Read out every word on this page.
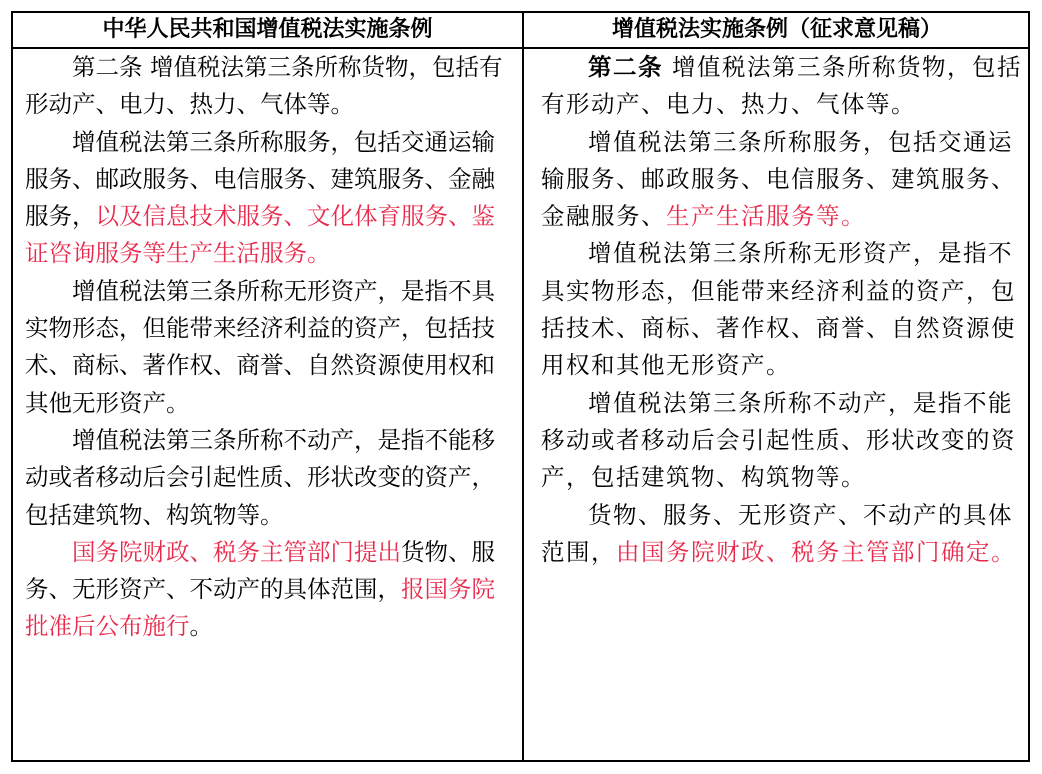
中华人民共和国增值税法实施条例	增值税法实施条例（征求意见稿）

第二条 增值税法第三条所称货物，包括有形动产、电力、热力、气体等。

增值税法第三条所称服务，包括交通运输服务、邮政服务、电信服务、建筑服务、金融服务，以及信息技术服务、文化体育服务、鉴证咨询服务等生产生活服务。

增值税法第三条所称无形资产，是指不具实物形态，但能带来经济利益的资产，包括技术、商标、著作权、商誉、自然资源使用权和其他无形资产。

增值税法第三条所称不动产，是指不能移动或者移动后会引起性质、形状改变的资产，包括建筑物、构筑物等。

国务院财政、税务主管部门提出货物、服务、无形资产、不动产的具体范围，报国务院批准后公布施行。

第二条 增值税法第三条所称货物，包括有形动产、电力、热力、气体等。

增值税法第三条所称服务，包括交通运输服务、邮政服务、电信服务、建筑服务、金融服务、生产生活服务等。

增值税法第三条所称无形资产，是指不具实物形态，但能带来经济利益的资产，包括技术、商标、著作权、商誉、自然资源使用权和其他无形资产。

增值税法第三条所称不动产，是指不能移动或者移动后会引起性质、形状改变的资产，包括建筑物、构筑物等。

货物、服务、无形资产、不动产的具体范围，由国务院财政、税务主管部门确定。
